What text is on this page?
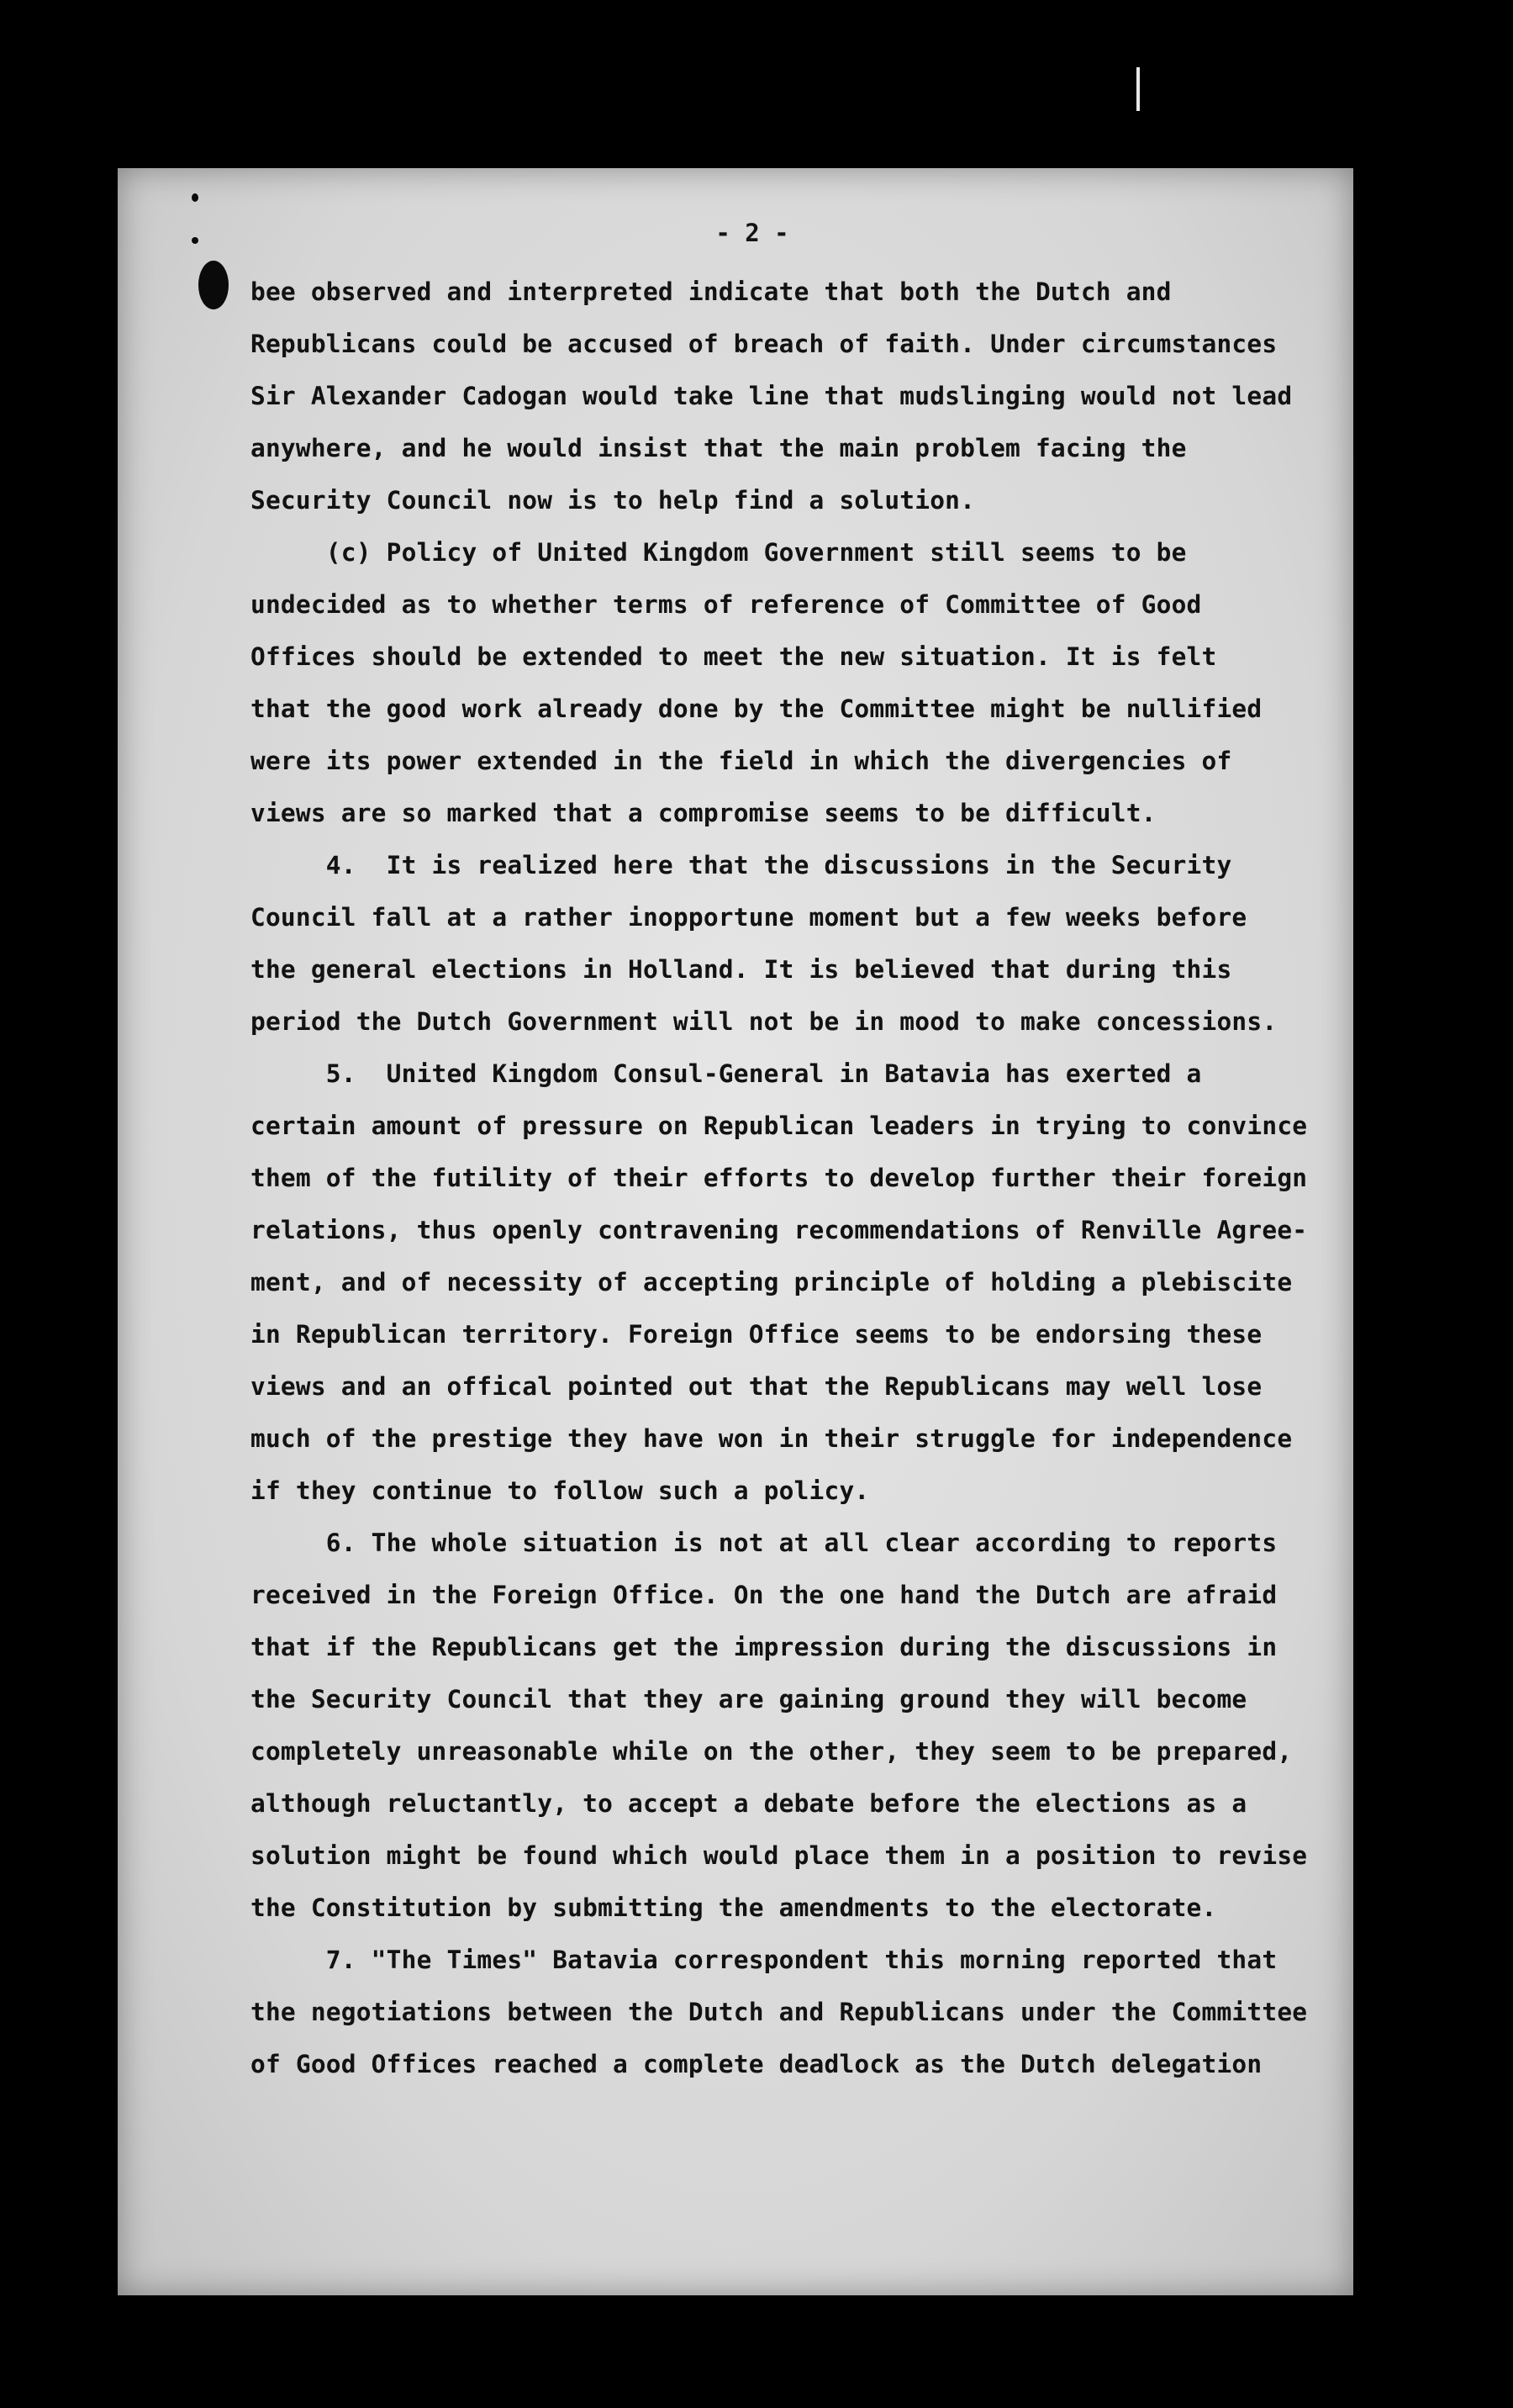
- 2 -
bee observed and interpreted indicate that both the Dutch and
Republicans could be accused of breach of faith. Under circumstances
Sir Alexander Cadogan would take line that mudslinging would not lead
anywhere, and he would insist that the main problem facing the
Security Council now is to help find a solution.
(c) Policy of United Kingdom Government still seems to be
undecided as to whether terms of reference of Committee of Good
Offices should be extended to meet the new situation. It is felt
that the good work already done by the Committee might be nullified
were its power extended in the field in which the divergencies of
views are so marked that a compromise seems to be difficult.
4.  It is realized here that the discussions in the Security
Council fall at a rather inopportune moment but a few weeks before
the general elections in Holland. It is believed that during this
period the Dutch Government will not be in mood to make concessions.
5.  United Kingdom Consul-General in Batavia has exerted a
certain amount of pressure on Republican leaders in trying to convince
them of the futility of their efforts to develop further their foreign
relations, thus openly contravening recommendations of Renville Agree-
ment, and of necessity of accepting principle of holding a plebiscite
in Republican territory. Foreign Office seems to be endorsing these
views and an offical pointed out that the Republicans may well lose
much of the prestige they have won in their struggle for independence
if they continue to follow such a policy.
6. The whole situation is not at all clear according to reports
received in the Foreign Office. On the one hand the Dutch are afraid
that if the Republicans get the impression during the discussions in
the Security Council that they are gaining ground they will become
completely unreasonable while on the other, they seem to be prepared,
although reluctantly, to accept a debate before the elections as a
solution might be found which would place them in a position to revise
the Constitution by submitting the amendments to the electorate.
7. "The Times" Batavia correspondent this morning reported that
the negotiations between the Dutch and Republicans under the Committee
of Good Offices reached a complete deadlock as the Dutch delegation
